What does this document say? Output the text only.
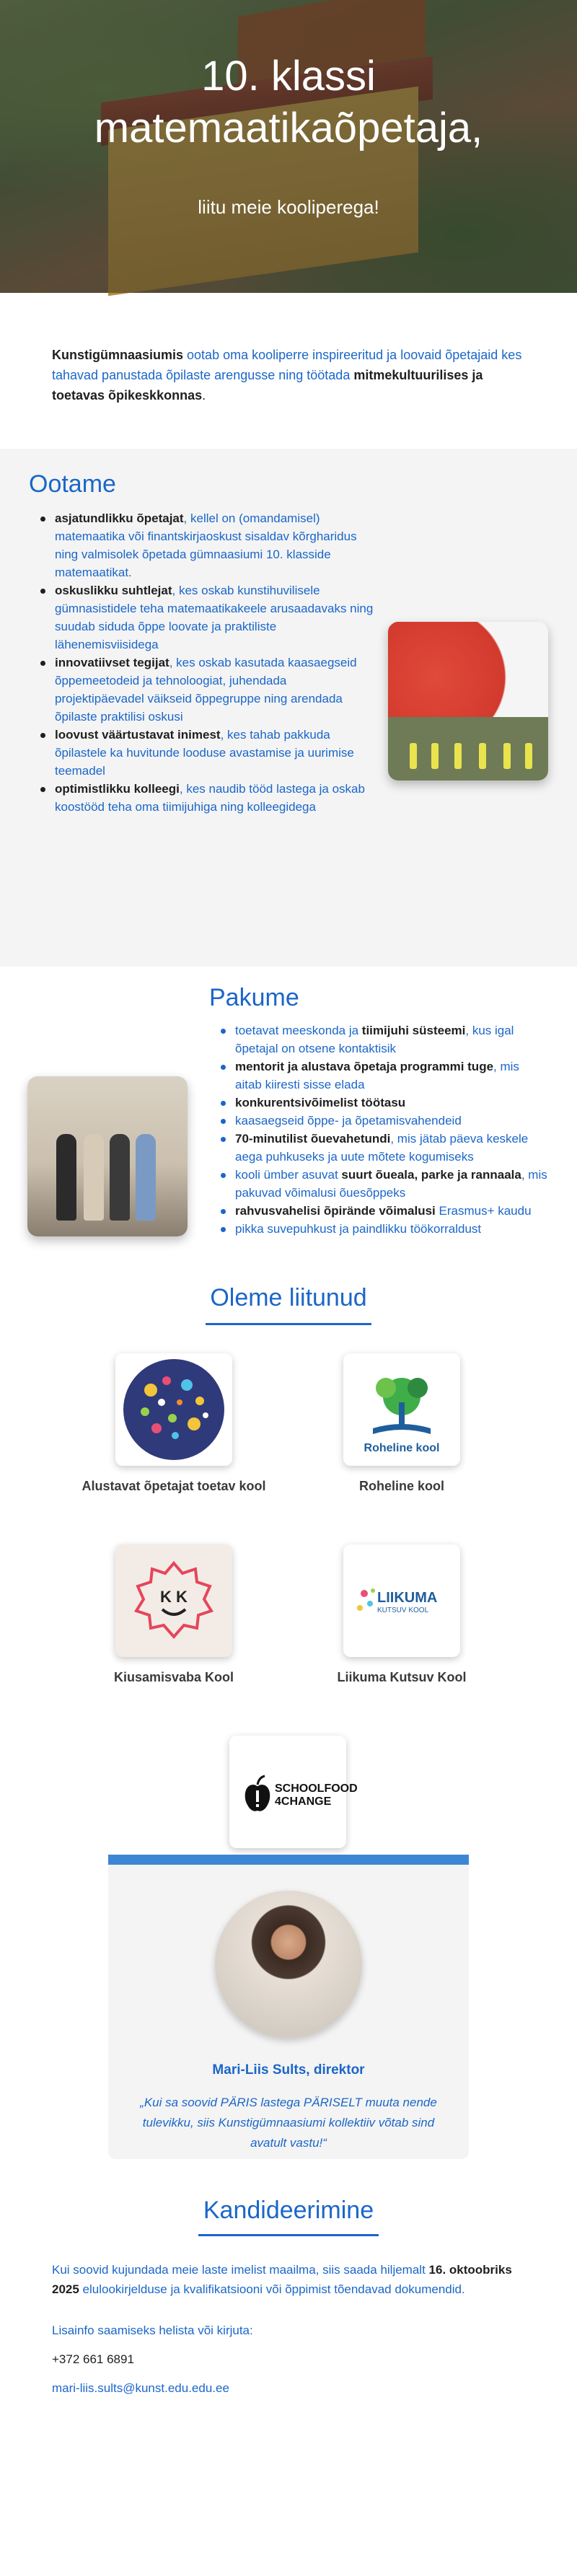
10. klassi
matemaatikaõpetaja,
liitu meie kooliperega!
Kunstigümnaasiumis ootab oma kooliperre inspireeritud ja loovaid õpetajaid kes tahavad panustada õpilaste arengusse ning töötada mitmekultuurilises ja toetavas õpikeskkonnas.
Ootame
asjatundlikku õpetajat, kellel on (omandamisel) matemaatika või finantskirjaoskust sisaldav kõrgharidus ning valmisolek õpetada gümnaasiumi 10. klasside matemaatikat.
oskuslikku suhtlejat, kes oskab kunstihuvilisele gümnasistidele teha matemaatikakeele arusaadavaks ning suudab siduda õppe loovate ja praktiliste lähenemisviisidega
innovatiivset tegijat, kes oskab kasutada kaasaegseid õppemeetodeid ja tehnoloogiat, juhendada projektipäevadel väikseid õppegruppe ning arendada õpilaste praktilisi oskusi
loovust väärtustavat inimest, kes tahab pakkuda õpilastele ka huvitunde looduse avastamise ja uurimise teemadel
optimistlikku kolleegi, kes naudib tööd lastega ja oskab koostööd teha oma tiimijuhiga ning kolleegidega
Pakume
toetavat meeskonda ja tiimijuhi süsteemi, kus igal õpetajal on otsene kontaktisik
mentorit ja alustava õpetaja programmi tuge, mis aitab kiiresti sisse elada
konkurentsivõimelist töötasu
kaasaegseid õppe- ja õpetamisvahendeid
70-minutilist õuevahetundi, mis jätab päeva keskele aega puhkuseks ja uute mõtete kogumiseks
kooli ümber asuvat suurt õueala, parke ja rannaala, mis pakuvad võimalusi õuesõppeks
rahvusvahelisi õpirände võimalusi Erasmus+ kaudu
pikka suvepuhkust ja paindlikku töökorraldust
Oleme liitunud
Alustavat õpetajat toetav kool
Roheline kool
Roheline kool
K K
Kiusamisvaba Kool
LIIKUMA
KUTSUV KOOL
Liikuma Kutsuv Kool
SCHOOLFOOD
4CHANGE
Mari-Liis Sults, direktor
„Kui sa soovid PÄRIS lastega PÄRISELT muuta nende tulevikku, siis Kunstigümnaasiumi kollektiiv võtab sind avatult vastu!“
Kandideerimine

Kui soovid kujundada meie laste imelist maailma, siis saada hiljemalt 16. oktoobriks 2025 elulookirjelduse ja kvalifikatsiooni või õppimist tõendavad dokumendid.

Lisainfo saamiseks helista või kirjuta:

+372 661 6891

mari-liis.sults@kunst.edu.edu.ee
